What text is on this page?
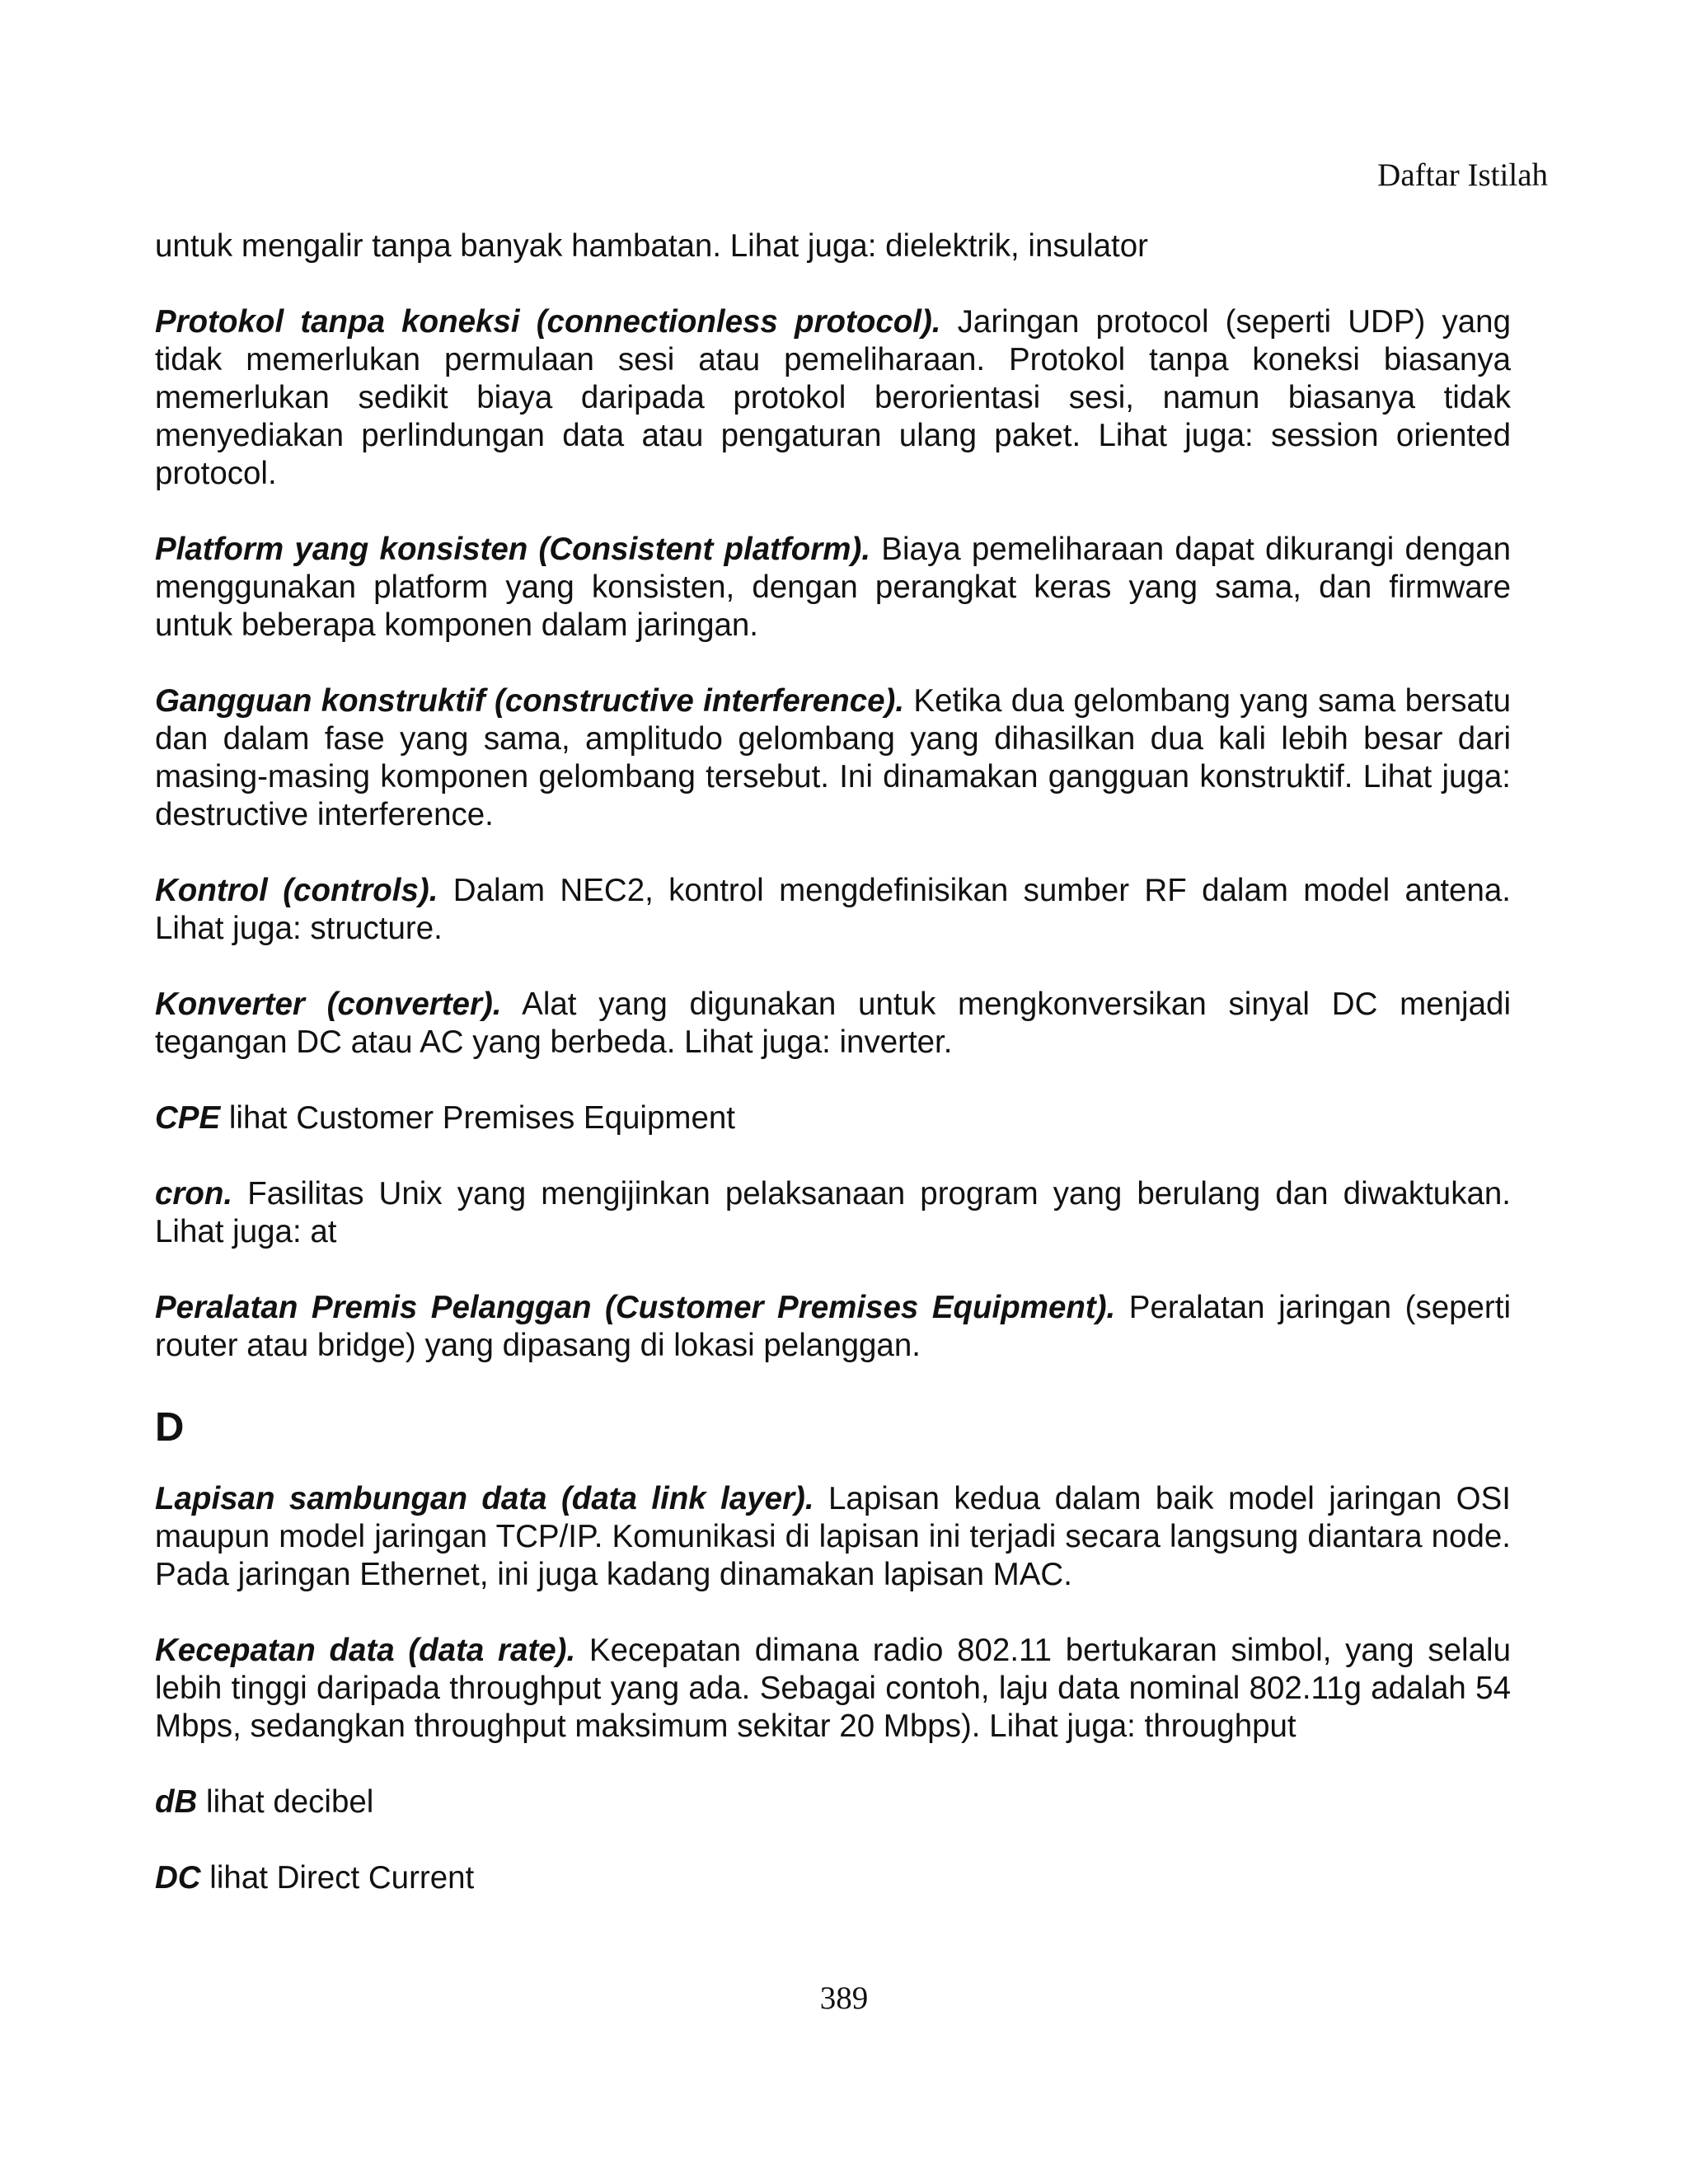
Daftar Istilah

untuk mengalir tanpa banyak hambatan. Lihat juga: dielektrik, insulator

Protokol tanpa koneksi (connectionless protocol). Jaringan protocol (seperti UDP) yang tidak memerlukan permulaan sesi atau pemeliharaan. Protokol tanpa koneksi biasanya memerlukan sedikit biaya daripada protokol berorientasi sesi, namun biasanya tidak menyediakan perlindungan data atau pengaturan ulang paket. Lihat juga: session oriented protocol.

Platform yang konsisten (Consistent platform). Biaya pemeliharaan dapat dikurangi dengan menggunakan platform yang konsisten, dengan perangkat keras yang sama, dan firmware untuk beberapa komponen dalam jaringan.

Gangguan konstruktif (constructive interference). Ketika dua gelombang yang sama bersatu dan dalam fase yang sama, amplitudo gelombang yang dihasilkan dua kali lebih besar dari masing-masing komponen gelombang tersebut. Ini dinamakan gangguan konstruktif. Lihat juga: destructive interference.

Kontrol (controls). Dalam NEC2, kontrol mengdefinisikan sumber RF dalam model antena. Lihat juga: structure.

Konverter (converter). Alat yang digunakan untuk mengkonversikan sinyal DC menjadi tegangan DC atau AC yang berbeda. Lihat juga: inverter.

CPE lihat Customer Premises Equipment

cron. Fasilitas Unix yang mengijinkan pelaksanaan program yang berulang dan diwaktukan. Lihat juga: at

Peralatan Premis Pelanggan (Customer Premises Equipment). Peralatan jaringan (seperti router atau bridge) yang dipasang di lokasi pelanggan.

D

Lapisan sambungan data (data link layer). Lapisan kedua dalam baik model jaringan OSI maupun model jaringan TCP/IP. Komunikasi di lapisan ini terjadi secara langsung diantara node. Pada jaringan Ethernet, ini juga kadang dinamakan lapisan MAC.

Kecepatan data (data rate). Kecepatan dimana radio 802.11 bertukaran simbol, yang selalu lebih tinggi daripada throughput yang ada. Sebagai contoh, laju data nominal 802.11g adalah 54 Mbps, sedangkan throughput maksimum sekitar 20 Mbps). Lihat juga: throughput

dB lihat decibel

DC lihat Direct Current

389
